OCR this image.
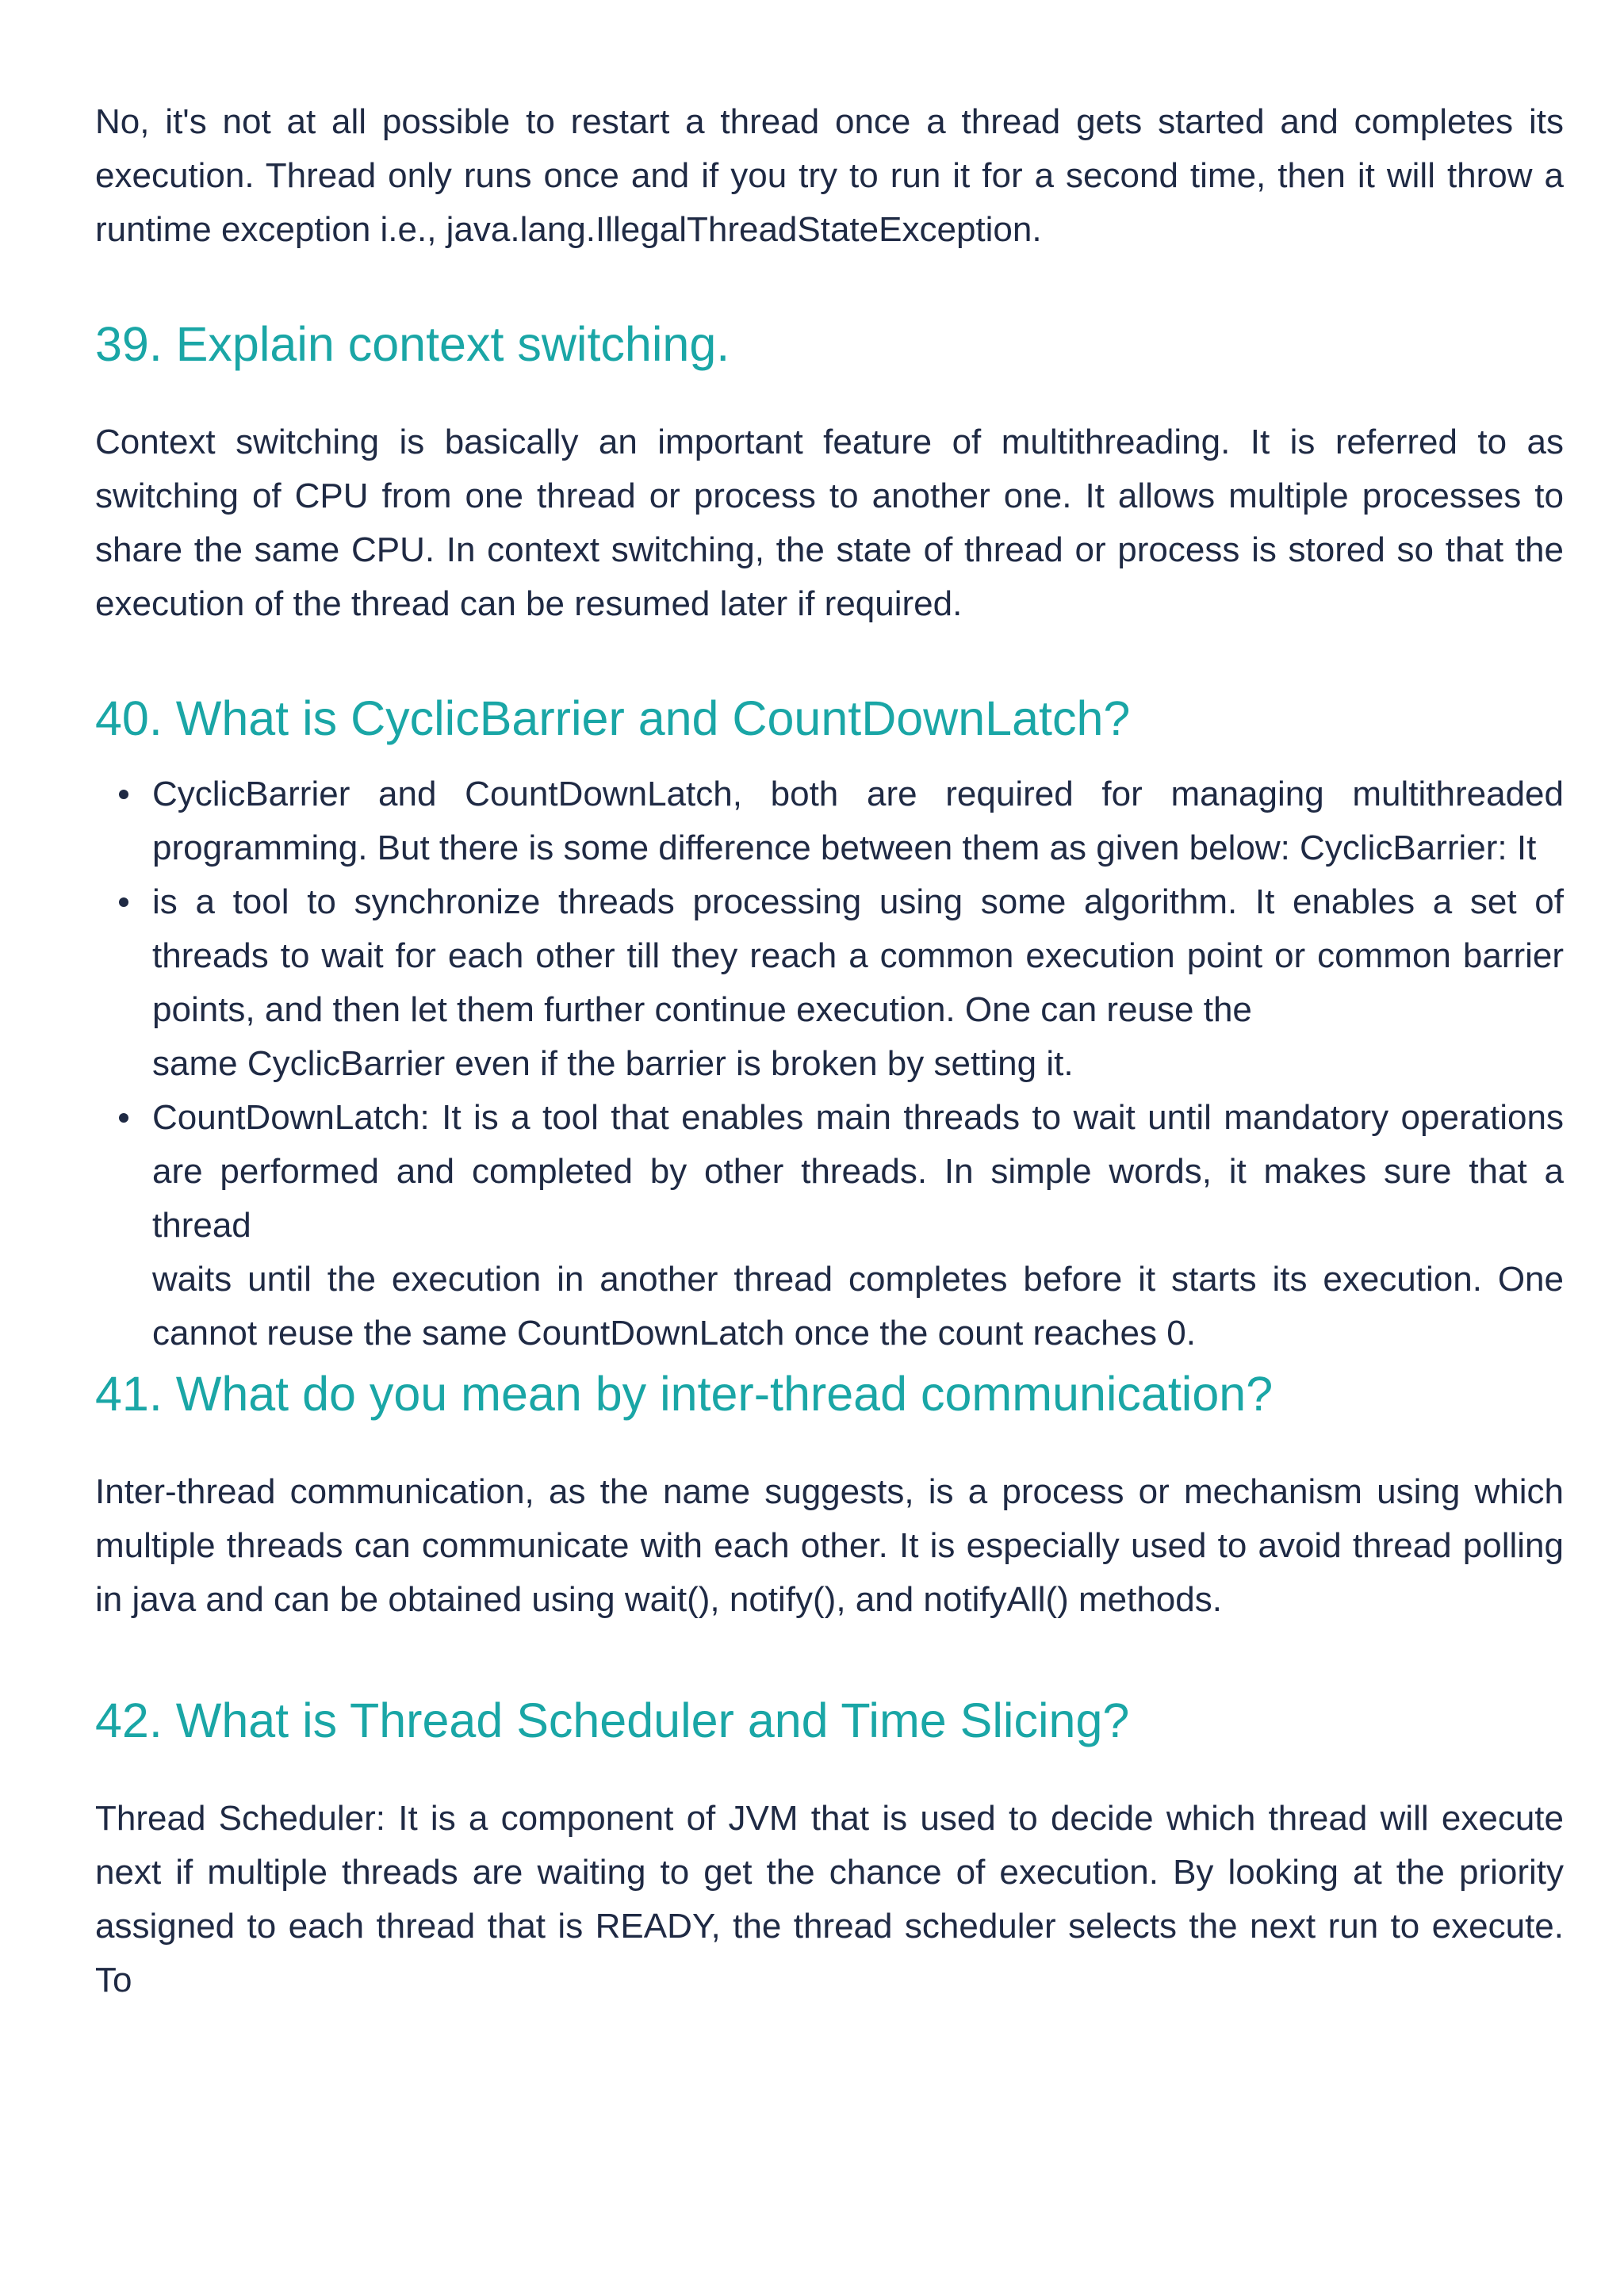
No, it's not at all possible to restart a thread once a thread gets started and completes its execution. Thread only runs once and if you try to run it for a second time, then it will throw a runtime exception i.e., java.lang.IllegalThreadStateException.

39. Explain context switching.

Context switching is basically an important feature of multithreading. It is referred to as switching of CPU from one thread or process to another one. It allows multiple processes to share the same CPU. In context switching, the state of thread or process is stored so that the execution of the thread can be resumed later if required.

40. What is CyclicBarrier and CountDownLatch?
CyclicBarrier and CountDownLatch, both are required for managing multithreaded programming. But there is some difference between them as given below: CyclicBarrier: It
is a tool to synchronize threads processing using some algorithm. It enables a set of threads to wait for each other till they reach a common execution point or common barrier points, and then let them further continue execution. One can reuse the

same CyclicBarrier even if the barrier is broken by setting it.

CountDownLatch: It is a tool that enables main threads to wait until mandatory operations are performed and completed by other threads. In simple words, it makes sure that a thread

waits until the execution in another thread completes before it starts its execution. One cannot reuse the same CountDownLatch once the count reaches 0.

41. What do you mean by inter-thread communication?

Inter-thread communication, as the name suggests, is a process or mechanism using which multiple threads can communicate with each other. It is especially used to avoid thread polling in java and can be obtained using wait(), notify(), and notifyAll() methods.

42. What is Thread Scheduler and Time Slicing?

Thread Scheduler: It is a component of JVM that is used to decide which thread will execute next if multiple threads are waiting to get the chance of execution. By looking at the priority assigned to each thread that is READY, the thread scheduler selects the next run to execute. To
